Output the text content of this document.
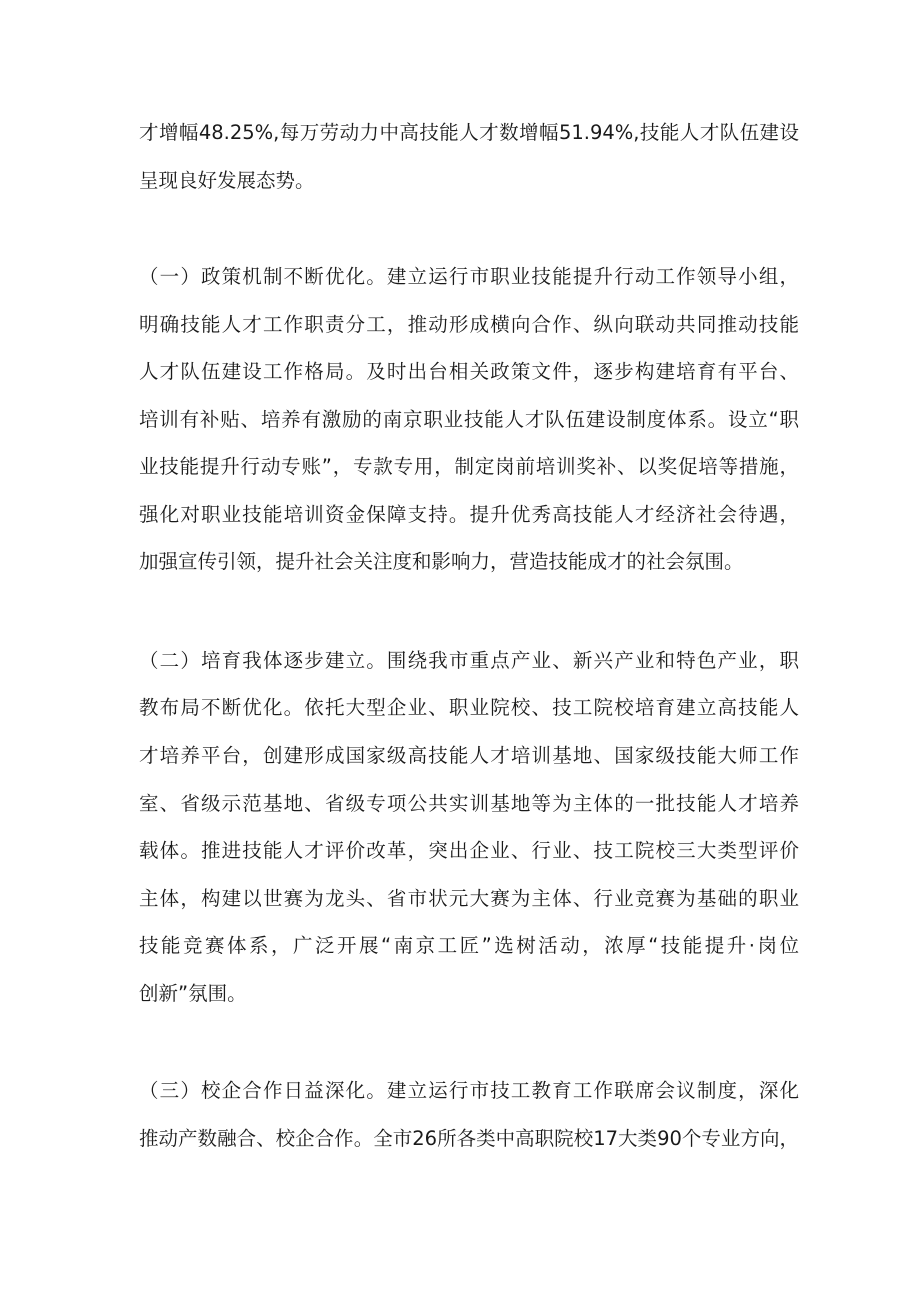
才增幅48.25%,每万劳动力中高技能人才数增幅51.94%,技能人才队伍建设
呈现良好发展态势。
（一）政策机制不断优化。建立运行市职业技能提升行动工作领导小组，
明确技能人才工作职责分工，推动形成横向合作、纵向联动共同推动技能
人才队伍建设工作格局。及时出台相关政策文件，逐步构建培育有平台、
培训有补贴、培养有激励的南京职业技能人才队伍建设制度体系。设立“职
业技能提升行动专账”，专款专用，制定岗前培训奖补、以奖促培等措施，
强化对职业技能培训资金保障支持。提升优秀高技能人才经济社会待遇，
加强宣传引领，提升社会关注度和影响力，营造技能成才的社会氛围。
（二）培育我体逐步建立。围绕我市重点产业、新兴产业和特色产业，职
教布局不断优化。依托大型企业、职业院校、技工院校培育建立高技能人
才培养平台，创建形成国家级高技能人才培训基地、国家级技能大师工作
室、省级示范基地、省级专项公共实训基地等为主体的一批技能人才培养
载体。推进技能人才评价改革，突出企业、行业、技工院校三大类型评价
主体，构建以世赛为龙头、省市状元大赛为主体、行业竞赛为基础的职业
技能竞赛体系，广泛开展“南京工匠”选树活动，浓厚“技能提升·岗位
创新”氛围。
（三）校企合作日益深化。建立运行市技工教育工作联席会议制度，深化
推动产数融合、校企合作。全市26所各类中高职院校17大类90个专业方向，
